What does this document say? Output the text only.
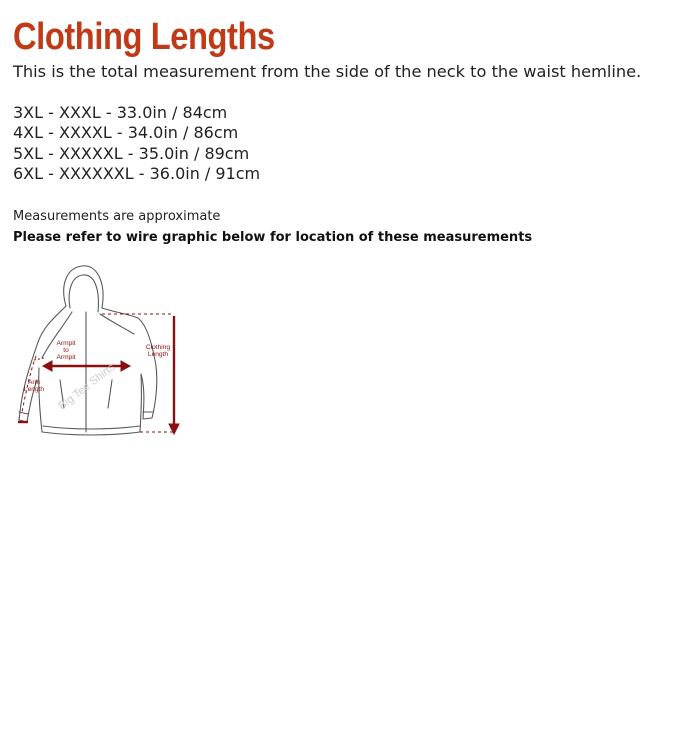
Clothing Lengths
This is the total measurement from the side of the neck to the waist hemline.
3XL - XXXL - 33.0in / 84cm
4XL - XXXXL - 34.0in / 86cm
5XL - XXXXXL - 35.0in / 89cm
6XL - XXXXXXL - 36.0in / 91cm
Measurements are approximate
Please refer to wire graphic below for location of these measurements
Big Tee Shirts
Armpit
to
Armpit
Clothing
Length
Arm
Length
